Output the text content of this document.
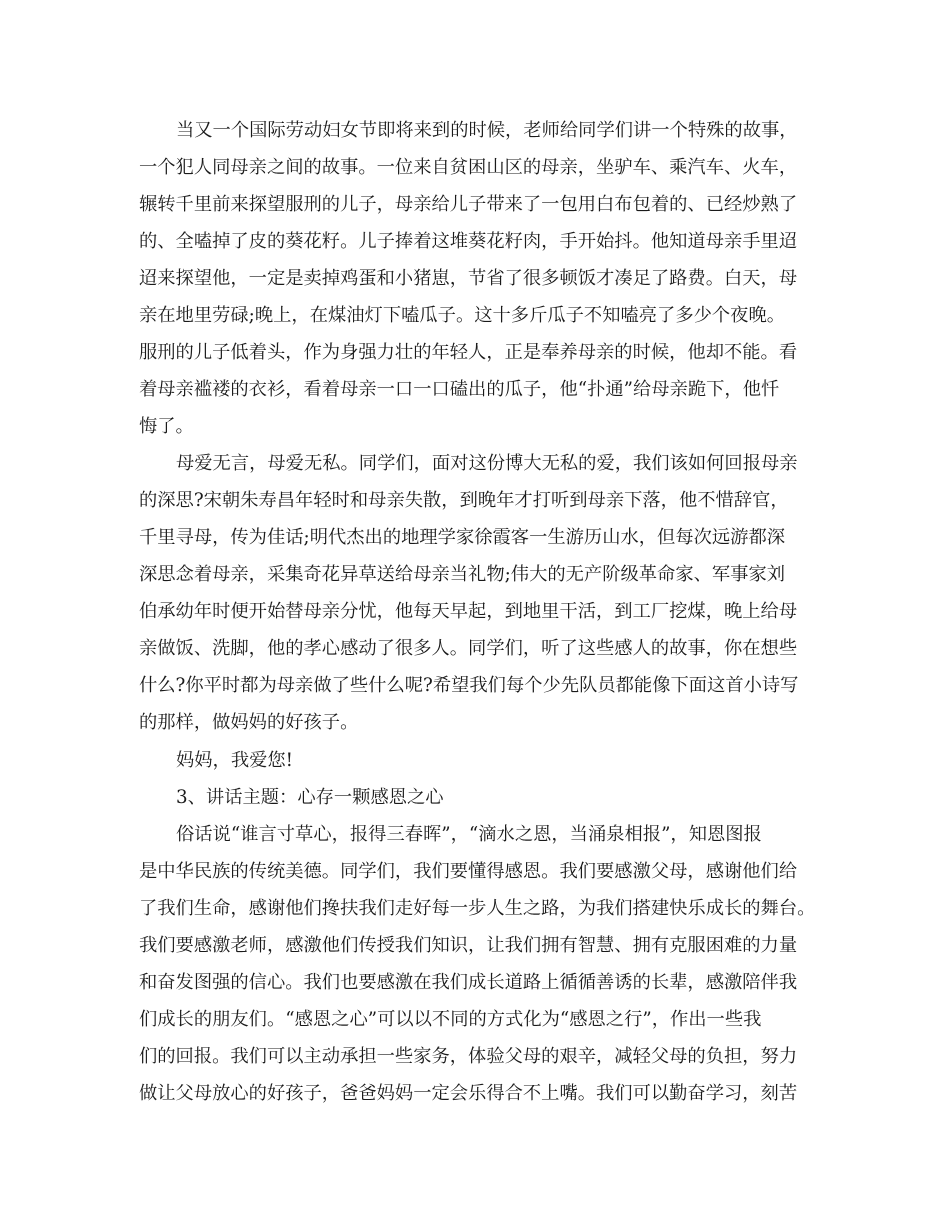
当又一个国际劳动妇女节即将来到的时候，老师给同学们讲一个特殊的故事，
一个犯人同母亲之间的故事。一位来自贫困山区的母亲，坐驴车、乘汽车、火车，
辗转千里前来探望服刑的儿子，母亲给儿子带来了一包用白布包着的、已经炒熟了
的、全嗑掉了皮的葵花籽。儿子捧着这堆葵花籽肉，手开始抖。他知道母亲手里迢
迢来探望他，一定是卖掉鸡蛋和小猪崽，节省了很多顿饭才凑足了路费。白天，母
亲在地里劳碌;晚上，在煤油灯下嗑瓜子。这十多斤瓜子不知嗑亮了多少个夜晚。
服刑的儿子低着头，作为身强力壮的年轻人，正是奉养母亲的时候，他却不能。看
着母亲褴褛的衣衫，看着母亲一口一口磕出的瓜子，他“扑通”给母亲跪下，他忏
悔了。
母爱无言，母爱无私。同学们，面对这份博大无私的爱，我们该如何回报母亲
的深思?宋朝朱寿昌年轻时和母亲失散，到晚年才打听到母亲下落，他不惜辞官，
千里寻母，传为佳话;明代杰出的地理学家徐霞客一生游历山水，但每次远游都深
深思念着母亲，采集奇花异草送给母亲当礼物;伟大的无产阶级革命家、军事家刘
伯承幼年时便开始替母亲分忧，他每天早起，到地里干活，到工厂挖煤，晚上给母
亲做饭、洗脚，他的孝心感动了很多人。同学们，听了这些感人的故事，你在想些
什么?你平时都为母亲做了些什么呢?希望我们每个少先队员都能像下面这首小诗写
的那样，做妈妈的好孩子。
妈妈，我爱您!
3、讲话主题：心存一颗感恩之心
俗话说“谁言寸草心，报得三春晖”，“滴水之恩，当涌泉相报”，知恩图报
是中华民族的传统美德。同学们，我们要懂得感恩。我们要感激父母，感谢他们给
了我们生命，感谢他们搀扶我们走好每一步人生之路，为我们搭建快乐成长的舞台。
我们要感激老师，感激他们传授我们知识，让我们拥有智慧、拥有克服困难的力量
和奋发图强的信心。我们也要感激在我们成长道路上循循善诱的长辈，感激陪伴我
们成长的朋友们。“感恩之心”可以以不同的方式化为“感恩之行”，作出一些我
们的回报。我们可以主动承担一些家务，体验父母的艰辛，减轻父母的负担，努力
做让父母放心的好孩子，爸爸妈妈一定会乐得合不上嘴。我们可以勤奋学习，刻苦
